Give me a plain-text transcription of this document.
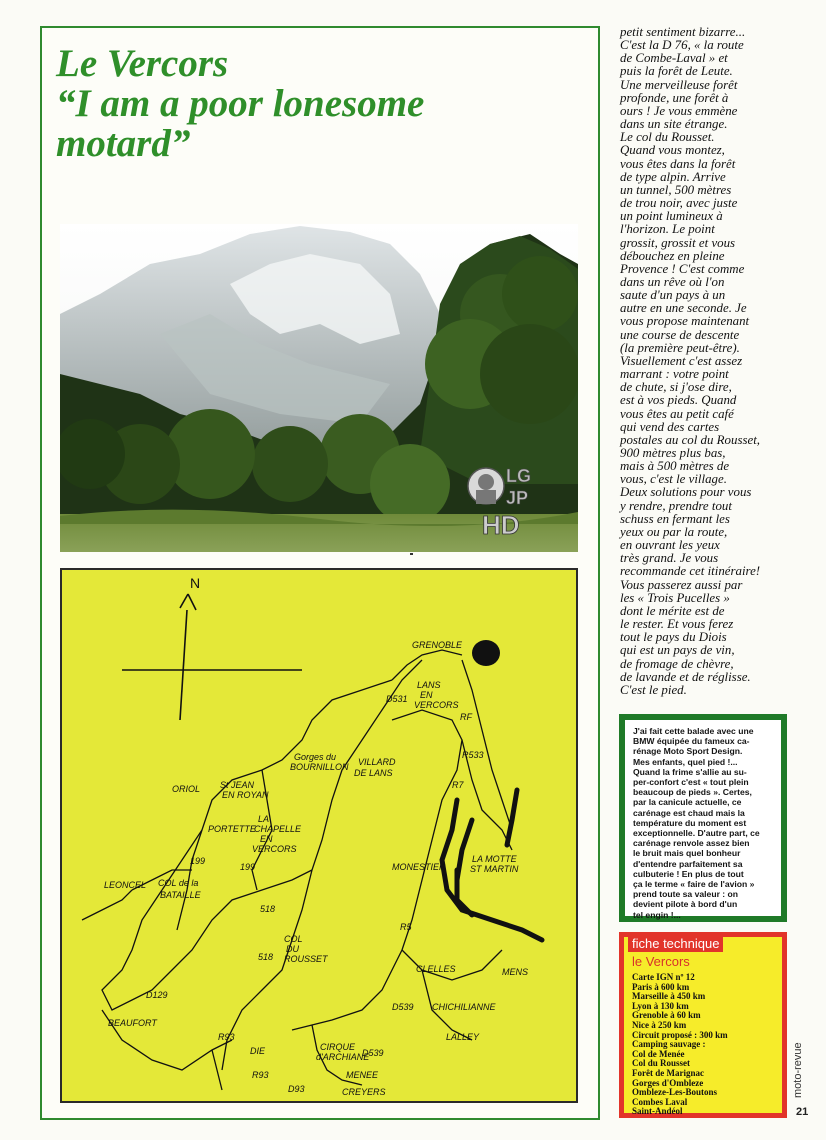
Le Vercors
“I am a poor lonesome
motard”
N
GRENOBLE
LANS
EN
VERCORS
RF
D531
Gorges du
BOURNILLON VILLARD
DE LANS
R533
ORIOL St JEAN
EN ROYAN
PORTETTE
LA
CHAPELLE
EN
VERCORS
MONESTIER
LA MOTTE
ST MARTIN
LEONCEL COL de la
BATAILLE
199
199
518
COL
DU
ROUSSET
518
R5
R7
CLELLES	MENS
D129
BEAUFORT
R93
DIE	CIRQUE
d'ARCHIANE
D539
CHICHILIANNE
MENEE
CREYERS
D93
R93
D539
LALLEY
LG
JP
HD
petit sentiment bizarre...
C'est la D 76, « la route
de Combe-Laval » et
puis la forêt de Leute.
Une merveilleuse forêt
profonde, une forêt à
ours ! Je vous emmène
dans un site étrange.
Le col du Rousset.
Quand vous montez,
vous êtes dans la forêt
de type alpin. Arrive
un tunnel, 500 mètres
de trou noir, avec juste
un point lumineux à
l'horizon. Le point
grossit, grossit et vous
débouchez en pleine
Provence ! C'est comme
dans un rêve où l'on
saute d'un pays à un
autre en une seconde. Je
vous propose maintenant
une course de descente
(la première peut-être).
Visuellement c'est assez
marrant : votre point
de chute, si j'ose dire,
est à vos pieds. Quand
vous êtes au petit café
qui vend des cartes
postales au col du Rousset,
900 mètres plus bas,
mais à 500 mètres de
vous, c'est le village.
Deux solutions pour vous
y rendre, prendre tout
schuss en fermant les
yeux ou par la route,
en ouvrant les yeux
très grand. Je vous
recommande cet itinéraire!
Vous passerez aussi par
les « Trois Pucelles »
dont le mérite est de
le rester. Et vous ferez
tout le pays du Diois
qui est un pays de vin,
de fromage de chèvre,
de lavande et de réglisse.
C'est le pied.
J'ai fait cette balade avec une
BMW équipée du fameux ca-
rénage Moto Sport Design.
Mes enfants, quel pied !...
Quand la frime s'allie au su-
per-confort c'est « tout plein
beaucoup de pieds ». Certes,
par la canicule actuelle, ce
carénage est chaud mais la
température du moment est
exceptionnelle. D'autre part, ce
carénage renvole assez bien
le bruit mais quel bonheur
d'entendre parfaitement sa
culbuterie ! En plus de tout
ça le terme « faire de l'avion »
prend toute sa valeur : on
devient pilote à bord d'un
tel engin !...
fiche technique
le Vercors
Carte IGN nº 12
Paris à 600 km
Marseille à 450 km
Lyon à 130 km
Grenoble à 60 km
Nice à 250 km
Circuit proposé : 300 km
Camping sauvage :
Col de Menée
Col du Rousset
Forêt de Marignac
Gorges d'Ombleze
Ombleze-Les-Boutons
Combes Laval
Saint-Andéol
moto-revue
21
